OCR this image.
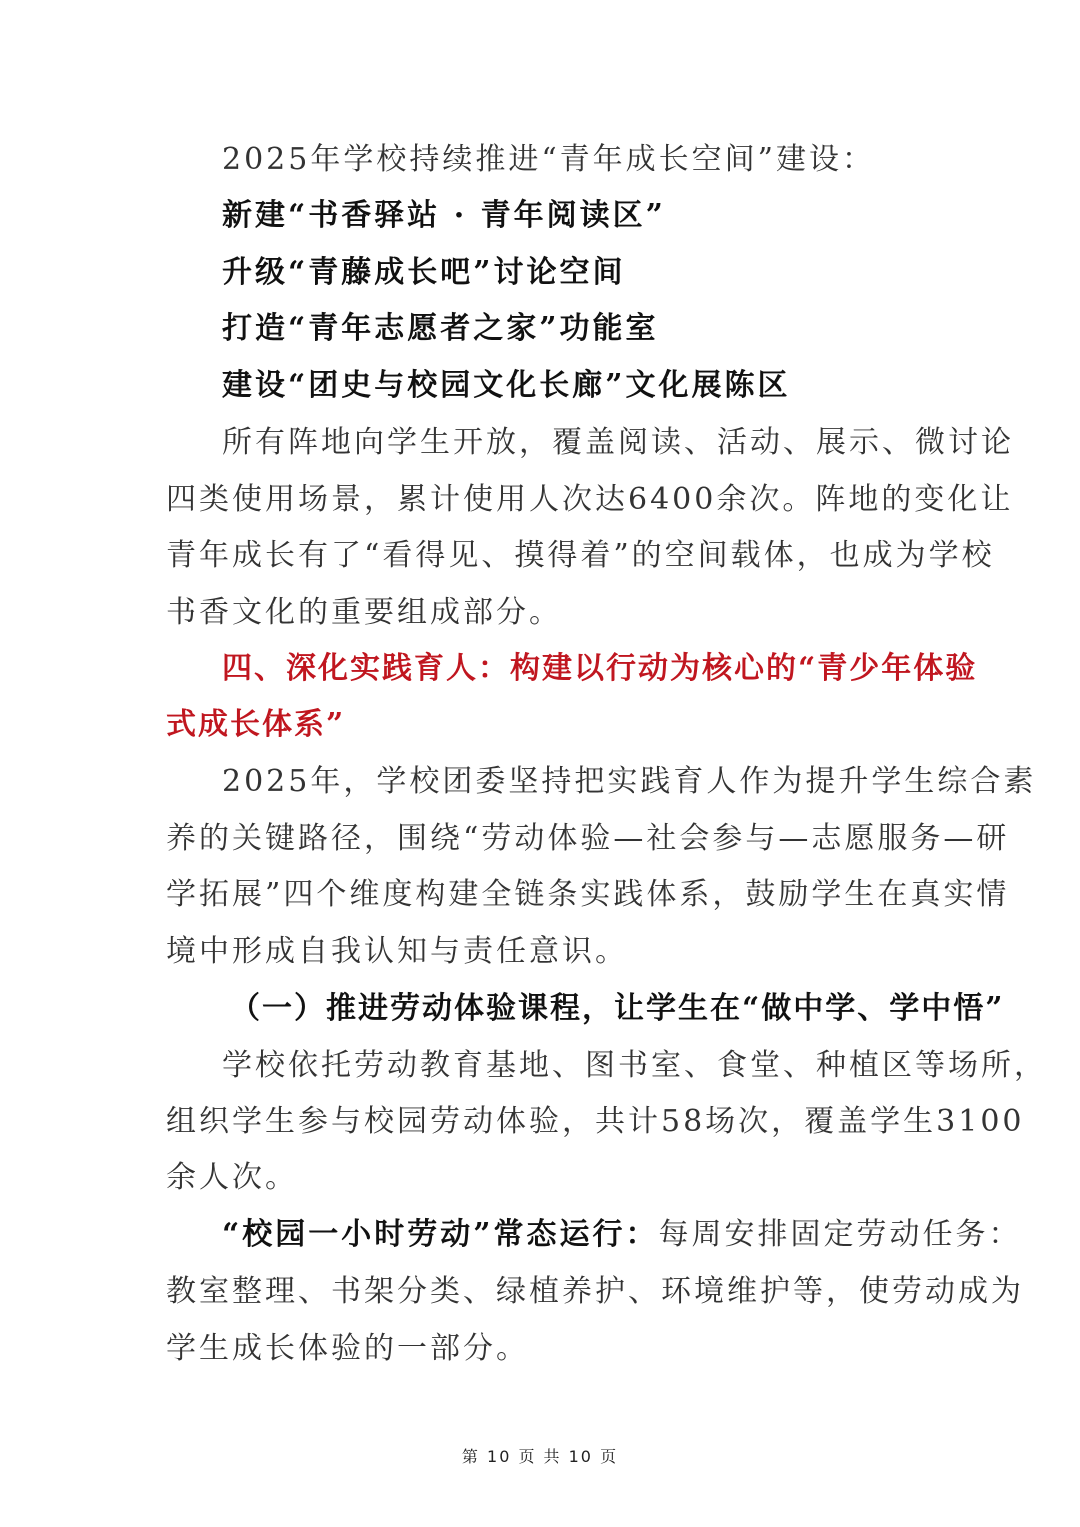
2025年学校持续推进“青年成长空间”建设：
新建“书香驿站 · 青年阅读区”
升级“青藤成长吧”讨论空间
打造“青年志愿者之家”功能室
建设“团史与校园文化长廊”文化展陈区
所有阵地向学生开放，覆盖阅读、活动、展示、微讨论
四类使用场景，累计使用人次达6400余次。阵地的变化让
青年成长有了“看得见、摸得着”的空间载体，也成为学校
书香文化的重要组成部分。
四、深化实践育人：构建以行动为核心的“青少年体验
式成长体系”
2025年，学校团委坚持把实践育人作为提升学生综合素
养的关键路径，围绕“劳动体验—社会参与—志愿服务—研
学拓展”四个维度构建全链条实践体系，鼓励学生在真实情
境中形成自我认知与责任意识。
（一）推进劳动体验课程，让学生在“做中学、学中悟”
学校依托劳动教育基地、图书室、食堂、种植区等场所，
组织学生参与校园劳动体验，共计58场次，覆盖学生3100
余人次。
“校园一小时劳动”常态运行：每周安排固定劳动任务：
教室整理、书架分类、绿植养护、环境维护等，使劳动成为
学生成长体验的一部分。
第 10 页 共 10 页
